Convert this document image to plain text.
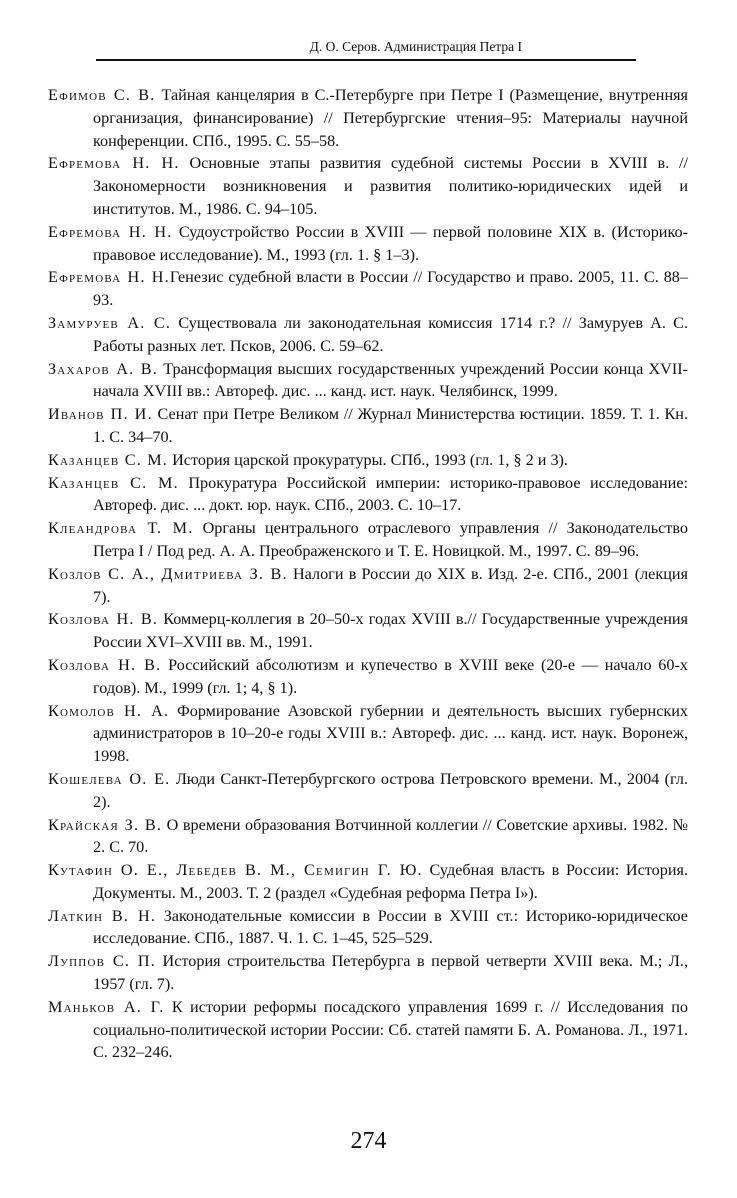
Д. О. Серов. Администрация Петра I

Ефимов С. В. Тайная канцелярия в С.-Петербурге при Петре I (Размещение, внутренняя организация, финансирование) // Петербургские чтения–95: Материалы научной конференции. СПб., 1995. С. 55–58.

Ефремова Н. Н. Основные этапы развития судебной системы России в XVIII в. // Закономерности возникновения и развития политико-юридических идей и институтов. М., 1986. С. 94–105.

Ефремова Н. Н. Судоустройство России в XVIII — первой половине XIX в. (Историко-правовое исследование). М., 1993 (гл. 1. § 1–3).

Ефремова Н. Н.Генезис судебной власти в России // Государство и право. 2005, 11. С. 88–93.

Замуруев А. С. Существовала ли законодательная комиссия 1714 г.? // Замуруев А. С. Работы разных лет. Псков, 2006. С. 59–62.

Захаров А. В. Трансформация высших государственных учреждений России конца XVII-начала XVIII вв.: Автореф. дис. ... канд. ист. наук. Челябинск, 1999.

Иванов П. И. Сенат при Петре Великом // Журнал Министерства юстиции. 1859. Т. 1. Кн. 1. С. 34–70.

Казанцев С. М. История царской прокуратуры. СПб., 1993 (гл. 1, § 2 и 3).

Казанцев С. М. Прокуратура Российской империи: историко-правовое исследование: Автореф. дис. ... докт. юр. наук. СПб., 2003. С. 10–17.

Клеандрова Т. М. Органы центрального отраслевого управления // Законодательство Петра I / Под ред. А. А. Преображенского и Т. Е. Новицкой. М., 1997. С. 89–96.

Козлов С. А., Дмитриева З. В. Налоги в России до XIX в. Изд. 2-е. СПб., 2001 (лекция 7).

Козлова Н. В. Коммерц-коллегия в 20–50-х годах XVIII в.// Государственные учреждения России XVI–XVIII вв. М., 1991.

Козлова Н. В. Российский абсолютизм и купечество в XVIII веке (20-е — начало 60-х годов). М., 1999 (гл. 1; 4, § 1).

Комолов Н. А. Формирование Азовской губернии и деятельность высших губернских администраторов в 10–20-е годы XVIII в.: Автореф. дис. ... канд. ист. наук. Воронеж, 1998.

Кошелева О. Е. Люди Санкт-Петербургского острова Петровского времени. М., 2004 (гл. 2).

Крайская З. В. О времени образования Вотчинной коллегии // Советские архивы. 1982. № 2. С. 70.

Кутафин О. Е., Лебедев В. М., Семигин Г. Ю. Судебная власть в России: История. Документы. М., 2003. Т. 2 (раздел «Судебная реформа Петра I»).

Латкин В. Н. Законодательные комиссии в России в XVIII ст.: Историко-юридическое исследование. СПб., 1887. Ч. 1. С. 1–45, 525–529.

Луппов С. П. История строительства Петербурга в первой четверти XVIII века. М.; Л., 1957 (гл. 7).

Маньков А. Г. К истории реформы посадского управления 1699 г. // Исследования по социально-политической истории России: Сб. статей памяти Б. А. Романова. Л., 1971. С. 232–246.

274
